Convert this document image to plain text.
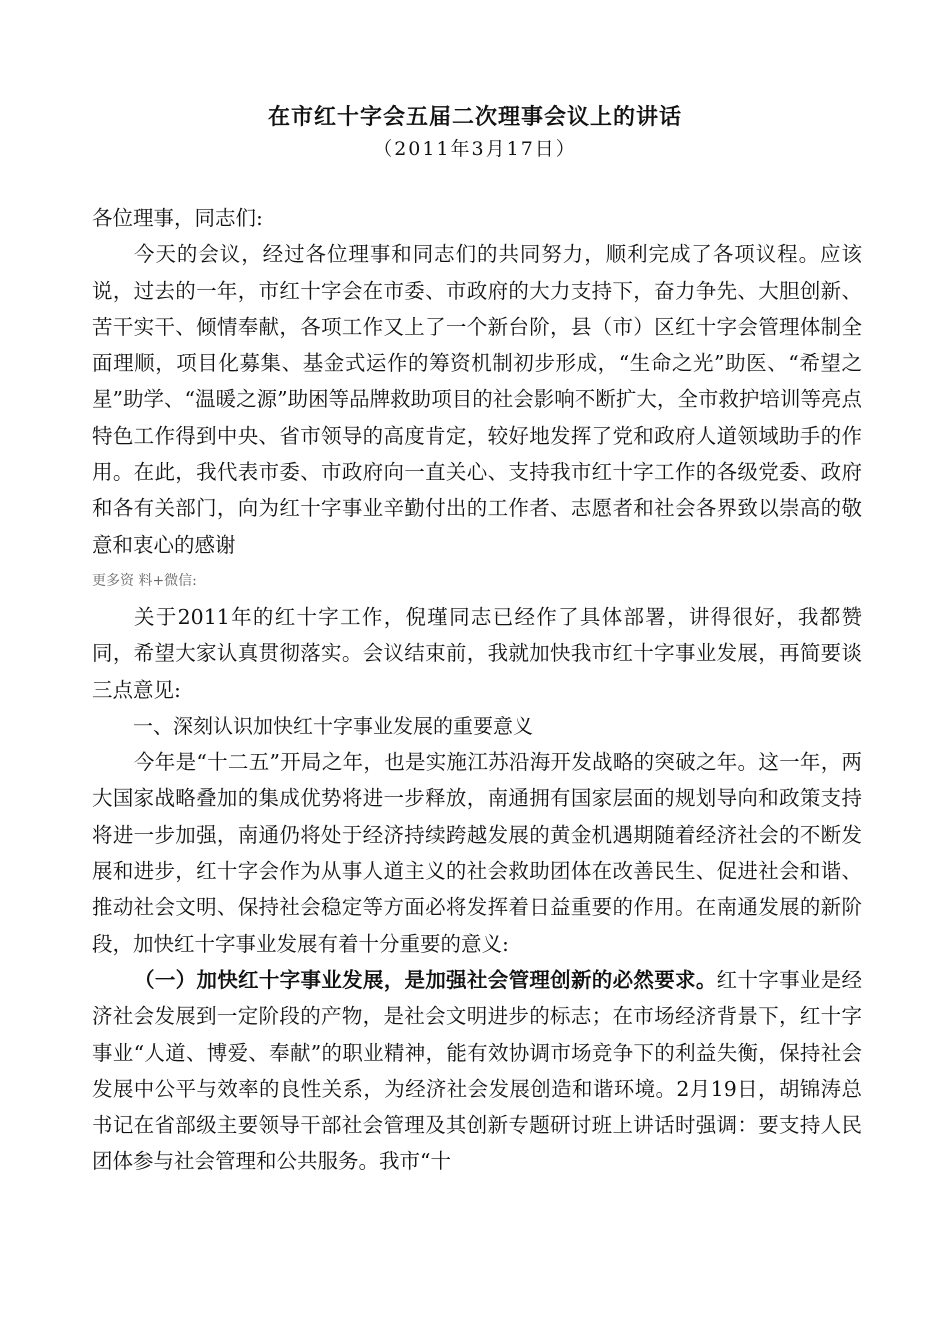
在市红十字会五届二次理事会议上的讲话
（2011年3月17日）

各位理事，同志们:

今天的会议，经过各位理事和同志们的共同努力，顺利完成了各项议程。应该说，过去的一年，市红十字会在市委、市政府的大力支持下，奋力争先、大胆创新、苦干实干、倾情奉献，各项工作又上了一个新台阶，县（市）区红十字会管理体制全面理顺，项目化募集、基金式运作的筹资机制初步形成，“生命之光”助医、“希望之星”助学、“温暖之源”助困等品牌救助项目的社会影响不断扩大，全市救护培训等亮点特色工作得到中央、省市领导的高度肯定，较好地发挥了党和政府人道领域助手的作用。在此，我代表市委、市政府向一直关心、支持我市红十字工作的各级党委、政府和各有关部门，向为红十字事业辛勤付出的工作者、志愿者和社会各界致以崇高的敬意和衷心的感谢

更多资 料+微信:

关于2011年的红十字工作，倪瑾同志已经作了具体部署，讲得很好，我都赞同，希望大家认真贯彻落实。会议结束前，我就加快我市红十字事业发展，再简要谈三点意见:

一、深刻认识加快红十字事业发展的重要意义

今年是“十二五”开局之年，也是实施江苏沿海开发战略的突破之年。这一年，两大国家战略叠加的集成优势将进一步释放，南通拥有国家层面的规划导向和政策支持将进一步加强，南通仍将处于经济持续跨越发展的黄金机遇期随着经济社会的不断发展和进步，红十字会作为从事人道主义的社会救助团体在改善民生、促进社会和谐、推动社会文明、保持社会稳定等方面必将发挥着日益重要的作用。在南通发展的新阶段，加快红十字事业发展有着十分重要的意义:

（一）加快红十字事业发展，是加强社会管理创新的必然要求。红十字事业是经济社会发展到一定阶段的产物，是社会文明进步的标志；在市场经济背景下，红十字事业“人道、博爱、奉献”的职业精神，能有效协调市场竞争下的利益失衡，保持社会发展中公平与效率的良性关系，为经济社会发展创造和谐环境。2月19日，胡锦涛总书记在省部级主要领导干部社会管理及其创新专题研讨班上讲话时强调：要支持人民团体参与社会管理和公共服务。我市“十
